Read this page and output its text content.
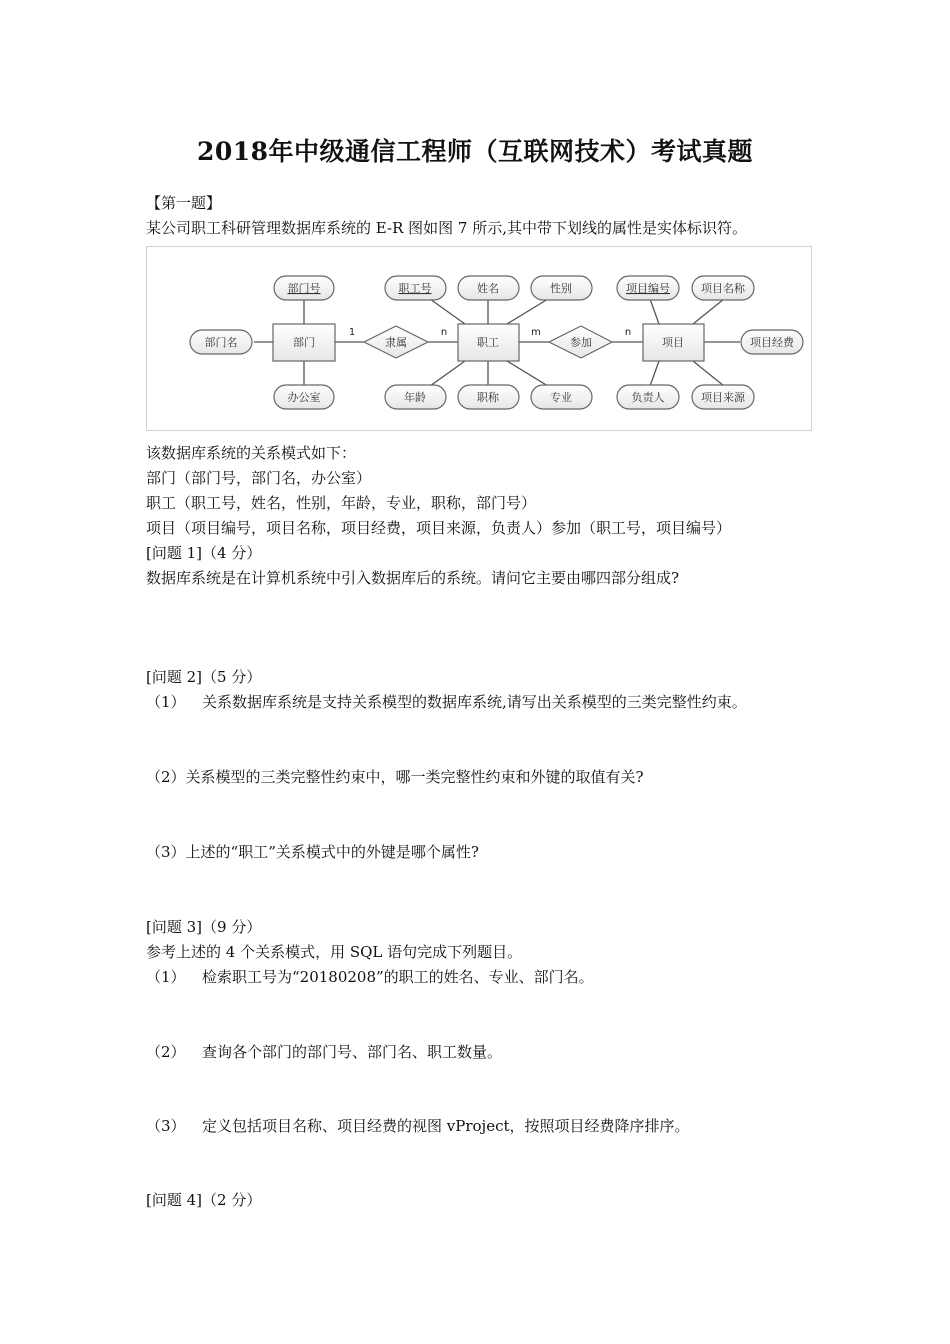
2018年中级通信工程师（互联网技术）考试真题
【第一题】
某公司职工科研管理数据库系统的 E-R 图如图 7 所示,其中带下划线的属性是实体标识符。
部门	职工	项目
隶属	参加
部门号
部门名
办公室
职工号	姓名	性别
年龄	职称	专业
项目编号	项目名称
项目经费
负责人	项目来源
1	n	m	n
该数据库系统的关系模式如下：
部门（部门号，部门名，办公室）
职工（职工号，姓名，性别，年龄，专业，职称，部门号）
项目（项目编号，项目名称，项目经费，项目来源，负责人）参加（职工号，项目编号）
[问题 1]（4 分）
数据库系统是在计算机系统中引入数据库后的系统。请问它主要由哪四部分组成?
[问题 2]（5 分）
（1） 关系数据库系统是支持关系模型的数据库系统,请写出关系模型的三类完整性约束。
（2）关系模型的三类完整性约束中，哪一类完整性约束和外键的取值有关?
（3）上述的“职工”关系模式中的外键是哪个属性?
[问题 3]（9 分）
参考上述的 4 个关系模式，用 SQL 语句完成下列题目。
（1） 检索职工号为“20180208”的职工的姓名、专业、部门名。
（2） 查询各个部门的部门号、部门名、职工数量。
（3） 定义包括项目名称、项目经费的视图 vProject，按照项目经费降序排序。
[问题 4]（2 分）
